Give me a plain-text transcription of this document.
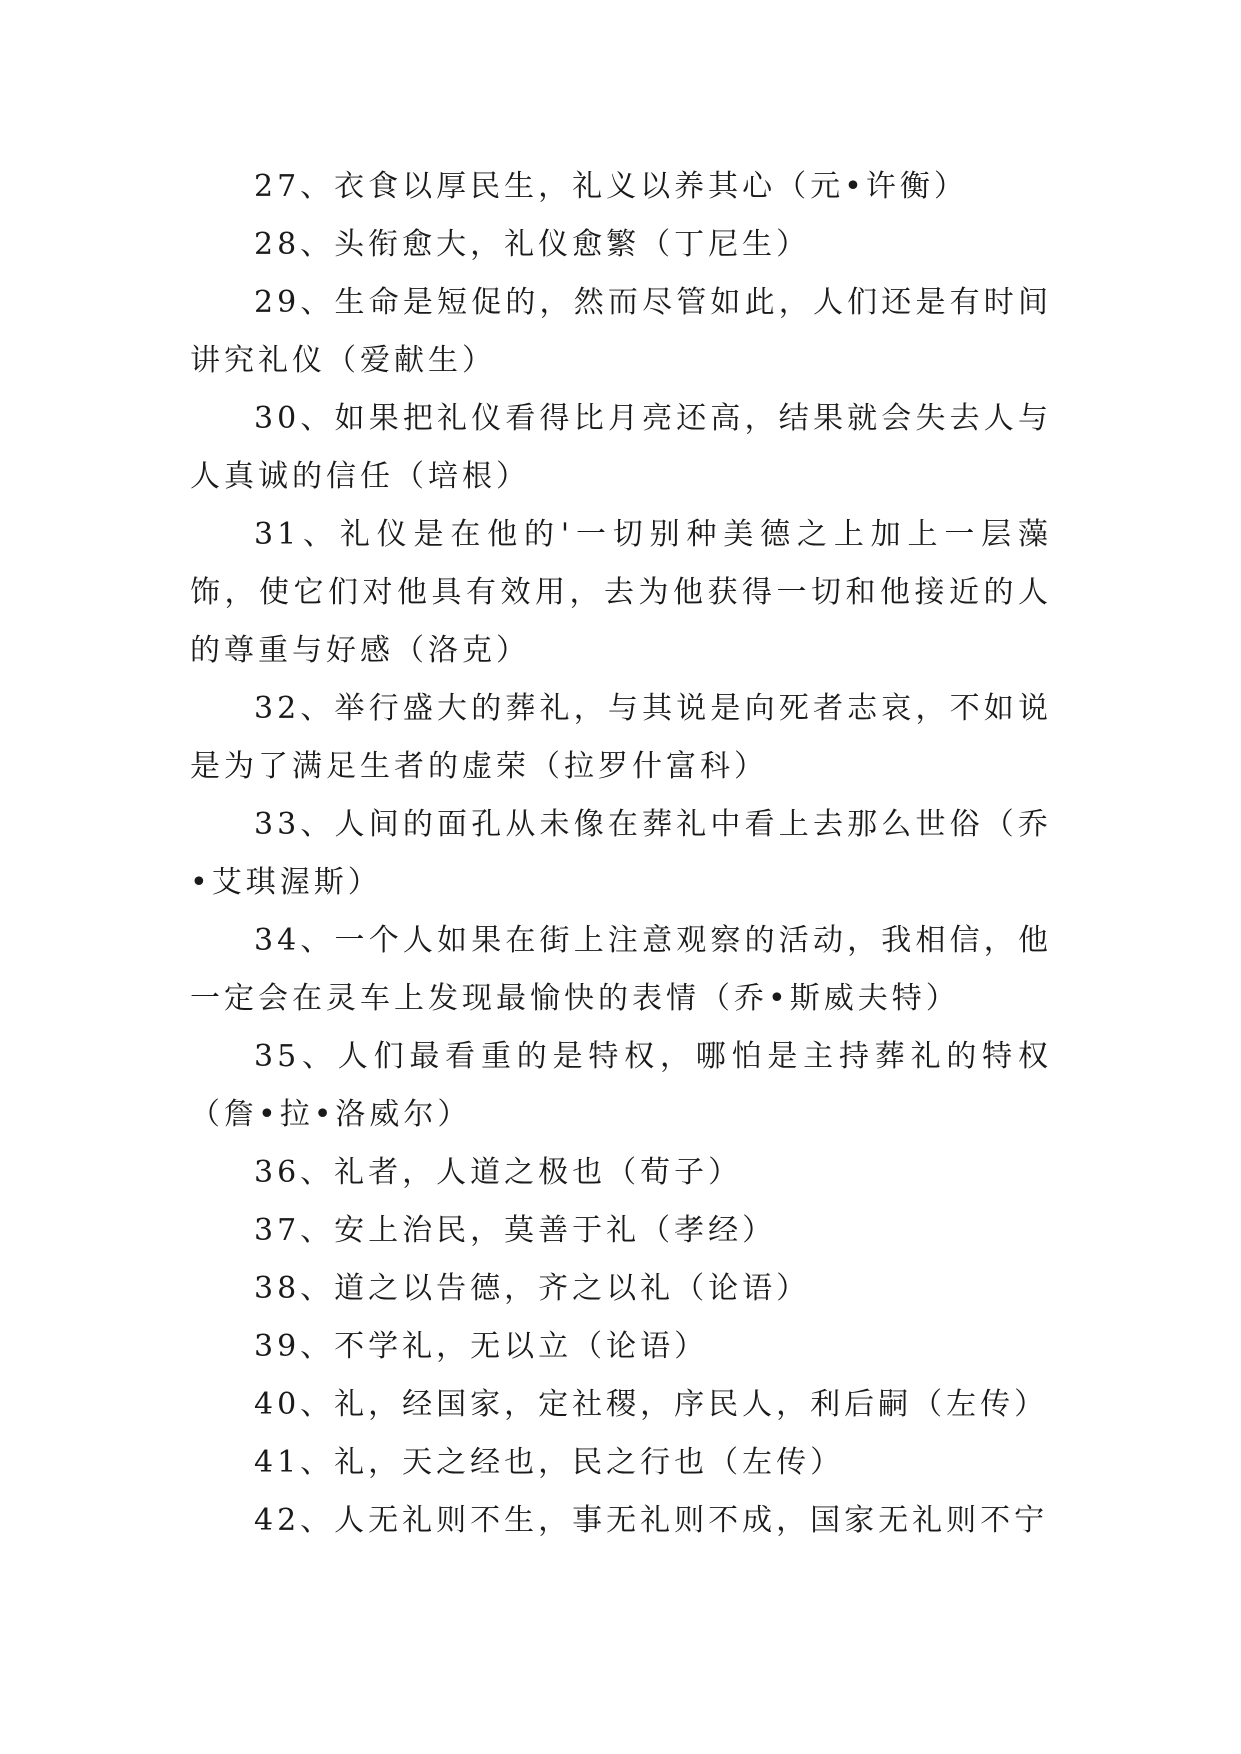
27、衣食以厚民生，礼义以养其心（元•许衡）

28、头衔愈大，礼仪愈繁（丁尼生）

29、生命是短促的，然而尽管如此，人们还是有时间讲究礼仪（爱献生）

30、如果把礼仪看得比月亮还高，结果就会失去人与人真诚的信任（培根）

31、礼仪是在他的'一切别种美德之上加上一层藻饰，使它们对他具有效用，去为他获得一切和他接近的人的尊重与好感（洛克）

32、举行盛大的葬礼，与其说是向死者志哀，不如说是为了满足生者的虚荣（拉罗什富科）

33、人间的面孔从未像在葬礼中看上去那么世俗（乔•艾琪渥斯）

34、一个人如果在街上注意观察的活动，我相信，他一定会在灵车上发现最愉快的表情（乔•斯威夫特）

35、人们最看重的是特权，哪怕是主持葬礼的特权（詹•拉•洛威尔）

36、礼者，人道之极也（荀子）

37、安上治民，莫善于礼（孝经）

38、道之以告德，齐之以礼（论语）

39、不学礼，无以立（论语）

40、礼，经国家，定社稷，序民人，利后嗣（左传）

41、礼，天之经也，民之行也（左传）

42、人无礼则不生，事无礼则不成，国家无礼则不宁
